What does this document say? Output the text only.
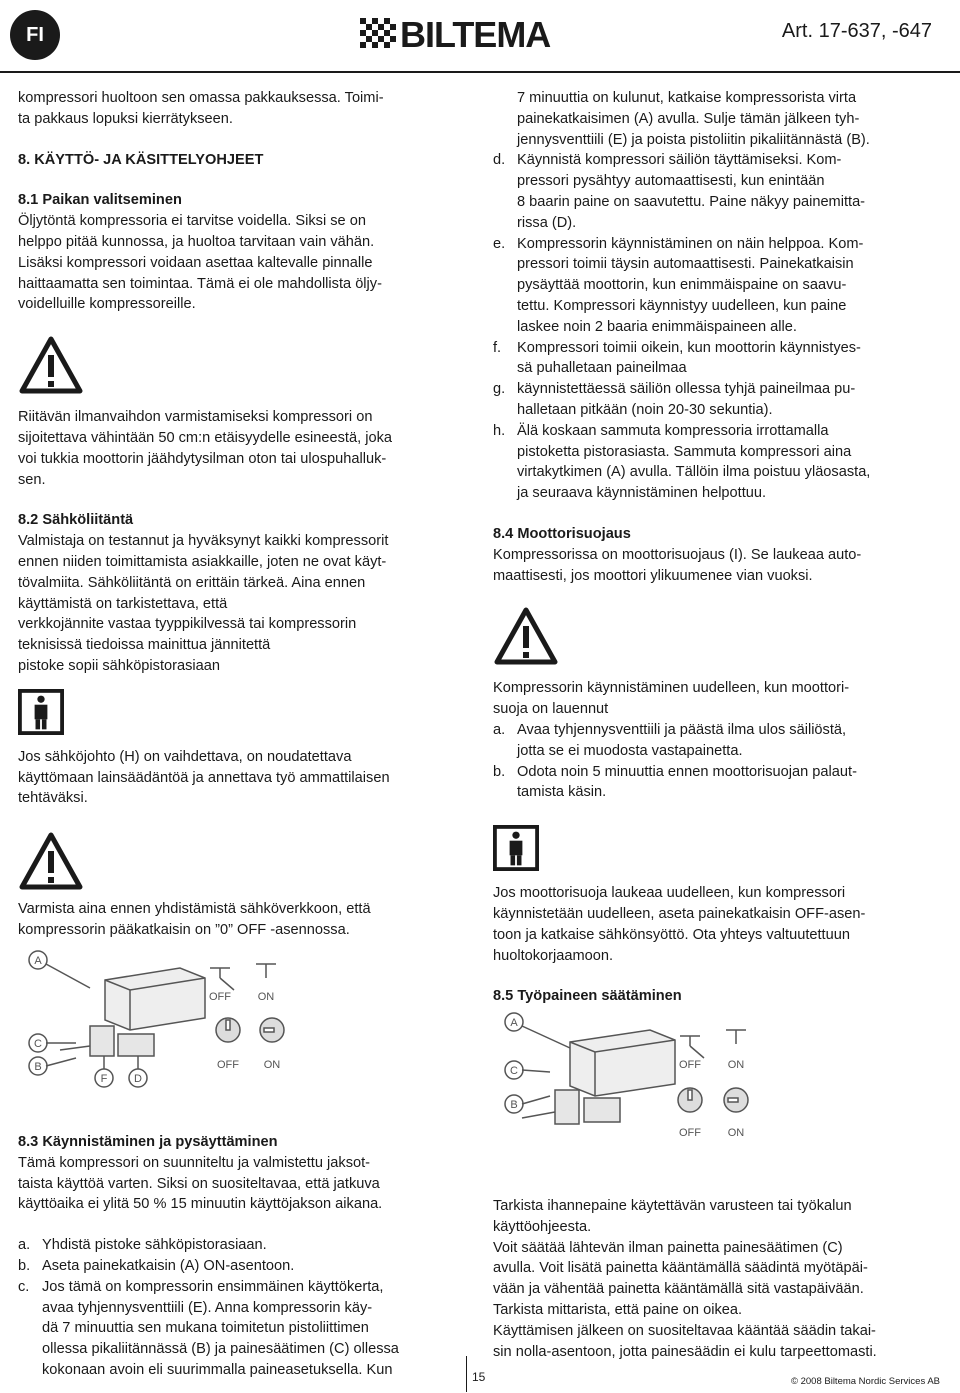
FI	BILTEMA	Art. 17-637, -647

kompressori huoltoon sen omassa pakkauksessa. Toimi-
ta pakkaus lopuksi kierrätykseen.

8. KÄYTTÖ- JA KÄSITTELYOHJEET

8.1 Paikan valitseminen

Öljytöntä kompressoria ei tarvitse voidella. Siksi se on
helppo pitää kunnossa, ja huoltoa tarvitaan vain vähän.
Lisäksi kompressori voidaan asettaa kaltevalle pinnalle
haittaamatta sen toimintaa. Tämä ei ole mahdollista öljy-
voidelluille kompressoreille.

Riitävän ilmanvaihdon varmistamiseksi kompressori on
sijoitettava vähintään 50 cm:n etäisyydelle esineestä, joka
voi tukkia moottorin jäähdytysilman oton tai ulospuhalluk-
sen.

8.2 Sähköliitäntä

Valmistaja on testannut ja hyväksynyt kaikki kompressorit
ennen niiden toimittamista asiakkaille, joten ne ovat käyt-
tövalmiita. Sähköliitäntä on erittäin tärkeä. Aina ennen
käyttämistä on tarkistettava, että
verkkojännite vastaa tyyppikilvessä tai kompressorin
teknisissä tiedoissa mainittua jännitettä
pistoke sopii sähköpistorasiaan

Jos sähköjohto (H) on vaihdettava, on noudatettava
käyttömaan lainsäädäntöä ja annettava työ ammattilaisen
tehtäväksi.

Varmista aina ennen yhdistämistä sähköverkkoon, että
kompressorin pääkatkaisin on ”0” OFF -asennossa.

A
C
B
F D
OFF ON
OFF ON

8.3 Käynnistäminen ja pysäyttäminen

Tämä kompressori on suunniteltu ja valmistettu jaksot-
taista käyttöä varten. Siksi on suositeltavaa, että jatkuva
käyttöaika ei ylitä 50 % 15 minuutin käyttöjakson aikana.

a. Yhdistä pistoke sähköpistorasiaan.
b. Aseta painekatkaisin (A) ON-asentoon.
c. Jos tämä on kompressorin ensimmäinen käyttökerta,
avaa tyhjennysventtiili (E). Anna kompressorin käy-
dä 7 minuuttia sen mukana toimitetun pistoliittimen
ollessa pikaliitännässä (B) ja painesäätimen (C) ollessa
kokonaan avoin eli suurimmalla paineasetuksella. Kun

7 minuuttia on kulunut, katkaise kompressorista virta
painekatkaisimen (A) avulla. Sulje tämän jälkeen tyh-
jennysventtiili (E) ja poista pistoliitin pikaliitännästä (B).

d. Käynnistä kompressori säiliön täyttämiseksi. Kom-
pressori pysähtyy automaattisesti, kun enintään
8 baarin paine on saavutettu. Paine näkyy painemitta-
rissa (D).
e. Kompressorin käynnistäminen on näin helppoa. Kom-
pressori toimii täysin automaattisesti. Painekatkaisin
pysäyttää moottorin, kun enimmäispaine on saavu-
tettu. Kompressori käynnistyy uudelleen, kun paine
laskee noin 2 baaria enimmäispaineen alle.
f.	Kompressori toimii oikein, kun moottorin käynnistyes-
sä puhalletaan paineilmaa
g. käynnistettäessä säiliön ollessa tyhjä paineilmaa pu-
halletaan pitkään (noin 20-30 sekuntia).
h. Älä koskaan sammuta kompressoria irrottamalla
pistoketta pistorasiasta. Sammuta kompressori aina
virtakytkimen (A) avulla. Tällöin ilma poistuu yläosasta,
ja seuraava käynnistäminen helpottuu.

8.4 Moottorisuojaus

Kompressorissa on moottorisuojaus (I). Se laukeaa auto-
maattisesti, jos moottori ylikuumenee vian vuoksi.

Kompressorin käynnistäminen uudelleen, kun moottori-
suoja on lauennut

a. Avaa tyhjennysventtiili ja päästä ilma ulos säiliöstä,
jotta se ei muodosta vastapainetta.
b. Odota noin 5 minuuttia ennen moottorisuojan palaut-
tamista käsin.

Jos moottorisuoja laukeaa uudelleen, kun kompressori
käynnistetään uudelleen, aseta painekatkaisin OFF-asen-
toon ja katkaise sähkönsyöttö. Ota yhteys valtuutettuun
huoltokorjaamoon.

8.5 Työpaineen säätäminen

A
C
B
OFF ON
OFF ON

Tarkista ihannepaine käytettävän varusteen tai työkalun
käyttöohjeesta.
Voit säätää lähtevän ilman painetta painesäätimen (C)
avulla. Voit lisätä painetta kääntämällä säädintä myötäpäi-
vään ja vähentää painetta kääntämällä sitä vastapäivään.
Tarkista mittarista, että paine on oikea.
Käyttämisen jälkeen on suositeltavaa kääntää säädin takai-
sin nolla-asentoon, jotta painesäädin ei kulu tarpeettomasti.

15	© 2008 Biltema Nordic Services AB
